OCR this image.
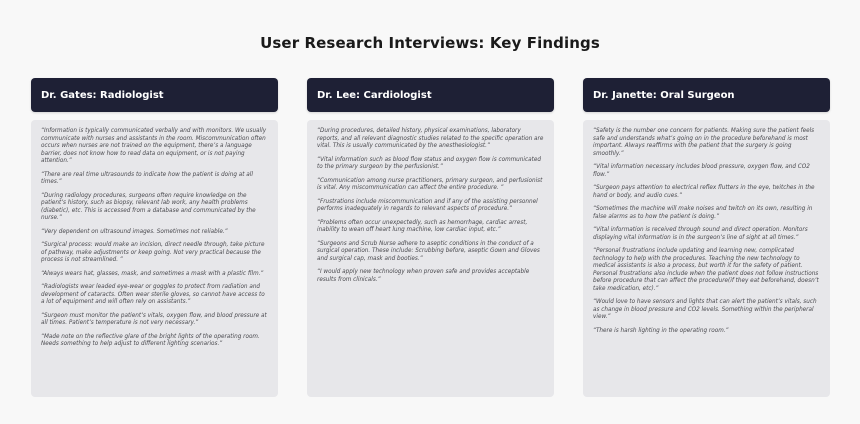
User Research Interviews: Key Findings
Dr. Gates: Radiologist

“Information is typically communicated verbally and with monitors. We usually communicate with nurses and assistants in the room. Miscommunication often occurs when nurses are not trained on the equipment, there’s a language barrier, does not know how to read data on equipment, or is not paying attention.”

“There are real time ultrasounds to indicate how the patient is doing at all times.”

“During radiology procedures, surgeons often require knowledge on the patient’s history, such as biopsy, relevant lab work, any health problems (diabetic), etc. This is accessed from a database and communicated by the nurse.”

“Very dependent on ultrasound images. Sometimes not reliable.”

“Surgical process: would make an incision, direct needle through, take picture of pathway, make adjustments or keep going. Not very practical because the process is not streamlined. ”

“Always wears hat, glasses, mask, and sometimes a mask with a plastic film.”

“Radiologists wear leaded eye-wear or goggles to protect from radiation and development of cataracts. Often wear sterile gloves, so cannot have access to a lot of equipment and will often rely on assistants.”

“Surgeon must monitor the patient’s vitals, oxygen flow, and blood pressure at all times. Patient’s temperature is not very necessary.”

“Made note on the reflective glare of the bright lights of the operating room. Needs something to help adjust to different lighting scenarios.”

Dr. Lee: Cardiologist

“During procedures, detailed history, physical examinations, laboratory reports, and all relevant diagnostic studies related to the specific operation are vital. This is usually communicated by the anesthesiologist.”

“Vital information such as blood flow status and oxygen flow is communicated to the primary surgeon by the perfusionist.”

“Communication among nurse practitioners, primary surgeon, and perfusionist is vital. Any miscommunication can affect the entire procedure. ”

“Frustrations include miscommunication and if any of the assisting personnel performs inadequately in regards to relevant aspects of procedure.”

“Problems often occur unexpectedly, such as hemorrhage, cardiac arrest, inability to wean off heart lung machine, low cardiac input, etc.”

“Surgeons and Scrub Nurse adhere to aseptic conditions in the conduct of a surgical operation. These include: Scrubbing before, aseptic Gown and Gloves and surgical cap, mask and booties.”

“I would apply new technology when proven safe and provides acceptable results from clinicals.”

Dr. Janette: Oral Surgeon

“Safety is the number one concern for patients. Making sure the patient feels safe and understands what’s going on in the procedure beforehand is most important. Always reaffirms with the patient that the surgery is going smoothly.”

“Vital information necessary includes blood pressure, oxygen flow, and CO2 flow.”

“Surgeon pays attention to electrical reflex flutters in the eye, twitches in the hand or body, and audio cues.”

“Sometimes the machine will make noises and twitch on its own, resulting in false alarms as to how the patient is doing.”

“Vital information is received through sound and direct operation. Monitors displaying vital information is in the surgeon’s line of sight at all times.”

“Personal frustrations include updating and learning new, complicated technology to help with the procedures. Teaching the new technology to medical assistants is also a process, but worth it for the safety of patient. Personal frustrations also include when the patient does not follow instructions before procedure that can affect the procedure(if they eat beforehand, doesn’t take medication, etc).”

“Would love to have sensors and lights that can alert the patient’s vitals, such as change in blood pressure and CO2 levels. Something within the peripheral view.”

“There is harsh lighting in the operating room.”
